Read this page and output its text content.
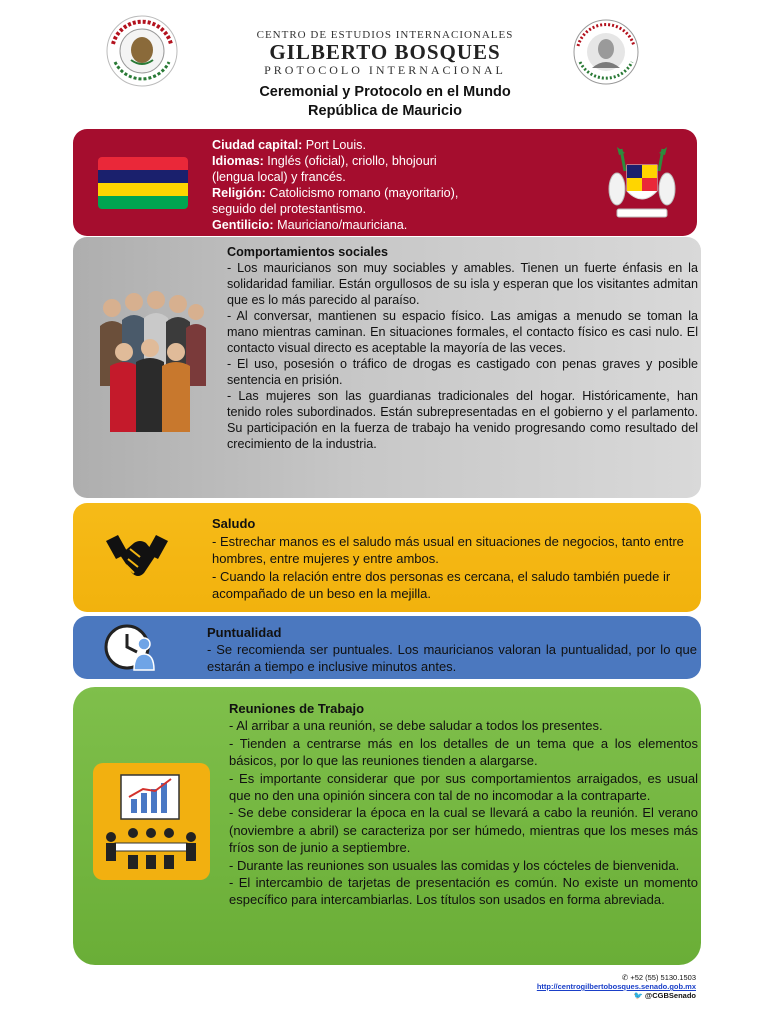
CENTRO DE ESTUDIOS INTERNACIONALES
GILBERTO BOSQUES
PROTOCOLO INTERNACIONAL
Ceremonial y Protocolo en el Mundo
República de Mauricio

Ciudad capital: Port Louis.

Idiomas: Inglés (oficial), criollo, bhojouri

(lengua local) y francés.

Religión: Catolicismo romano (mayoritario),

seguido del protestantismo.

Gentilicio: Mauriciano/mauriciana.

Comportamientos sociales

- Los mauricianos son muy sociables y amables. Tienen un fuerte énfasis en la solidaridad familiar. Están orgullosos de su isla y esperan que los visitantes admitan que es lo más parecido al paraíso.

- Al conversar, mantienen su espacio físico. Las amigas a menudo se toman la mano mientras caminan. En situaciones formales, el contacto físico es casi nulo. El contacto visual directo es aceptable la mayoría de las veces.

- El uso, posesión o tráfico de drogas es castigado con penas graves y posible sentencia en prisión.

- Las mujeres son las guardianas tradicionales del hogar. Históricamente, han tenido roles subordinados. Están subrepresentadas en el gobierno y el parlamento. Su participación en la fuerza de trabajo ha venido progresando como resultado del crecimiento de la industria.

Saludo

- Estrechar manos es el saludo más usual en situaciones de negocios, tanto entre hombres, entre mujeres y entre ambos.

- Cuando la relación entre dos personas es cercana, el saludo también puede ir acompañado de un beso en la mejilla.

Puntualidad

- Se recomienda ser puntuales. Los mauricianos valoran la puntualidad, por lo que estarán a tiempo e inclusive minutos antes.

Reuniones de Trabajo

- Al arribar a una reunión, se debe saludar a todos los presentes.

- Tienden a centrarse más en los detalles de un tema que a los elementos básicos, por lo que las reuniones tienden a alargarse.

- Es importante considerar que por sus comportamientos arraigados, es usual que no den una opinión sincera con tal de no incomodar a la contraparte.

- Se debe considerar la época en la cual se llevará a cabo la reunión. El verano (noviembre a abril) se caracteriza por ser húmedo, mientras que los meses más fríos son de junio a septiembre.

- Durante las reuniones son usuales las comidas y los cócteles de bienvenida.

- El intercambio de tarjetas de presentación es común. No existe un momento específico para intercambiarlas. Los títulos son usados en forma abreviada.

✆ +52 (55) 5130.1503
http://centrogilbertobosques.senado.gob.mx
🐦 @CGBSenado
